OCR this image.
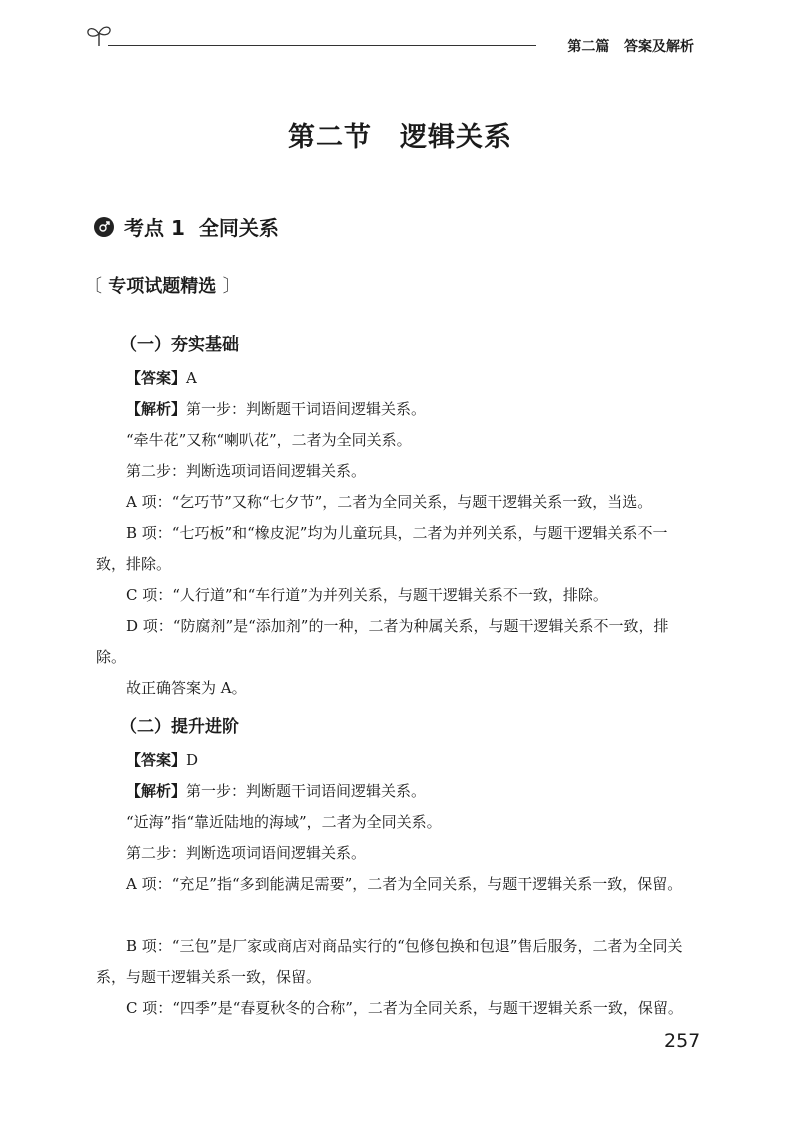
第二篇 答案及解析
第二节　逻辑关系
考点 1
全同关系
〔 专项试题精选 〕
（一）夯实基础
【答案】A
【解析】第一步：判断题干词语间逻辑关系。
“牵牛花”又称“喇叭花”，二者为全同关系。
第二步：判断选项词语间逻辑关系。
A 项：“乞巧节”又称“七夕节”，二者为全同关系，与题干逻辑关系一致，当选。
B 项：“七巧板”和“橡皮泥”均为儿童玩具，二者为并列关系，与题干逻辑关系不一致，排除。
C 项：“人行道”和“车行道”为并列关系，与题干逻辑关系不一致，排除。
D 项：“防腐剂”是“添加剂”的一种，二者为种属关系，与题干逻辑关系不一致，排除。
故正确答案为 A。
（二）提升进阶
【答案】D
【解析】第一步：判断题干词语间逻辑关系。
“近海”指“靠近陆地的海域”，二者为全同关系。
第二步：判断选项词语间逻辑关系。
A 项：“充足”指“多到能满足需要”，二者为全同关系，与题干逻辑关系一致，保留。
B 项：“三包”是厂家或商店对商品实行的“包修包换和包退”售后服务，二者为全同关系，与题干逻辑关系一致，保留。
C 项：“四季”是“春夏秋冬的合称”，二者为全同关系，与题干逻辑关系一致，保留。
257
